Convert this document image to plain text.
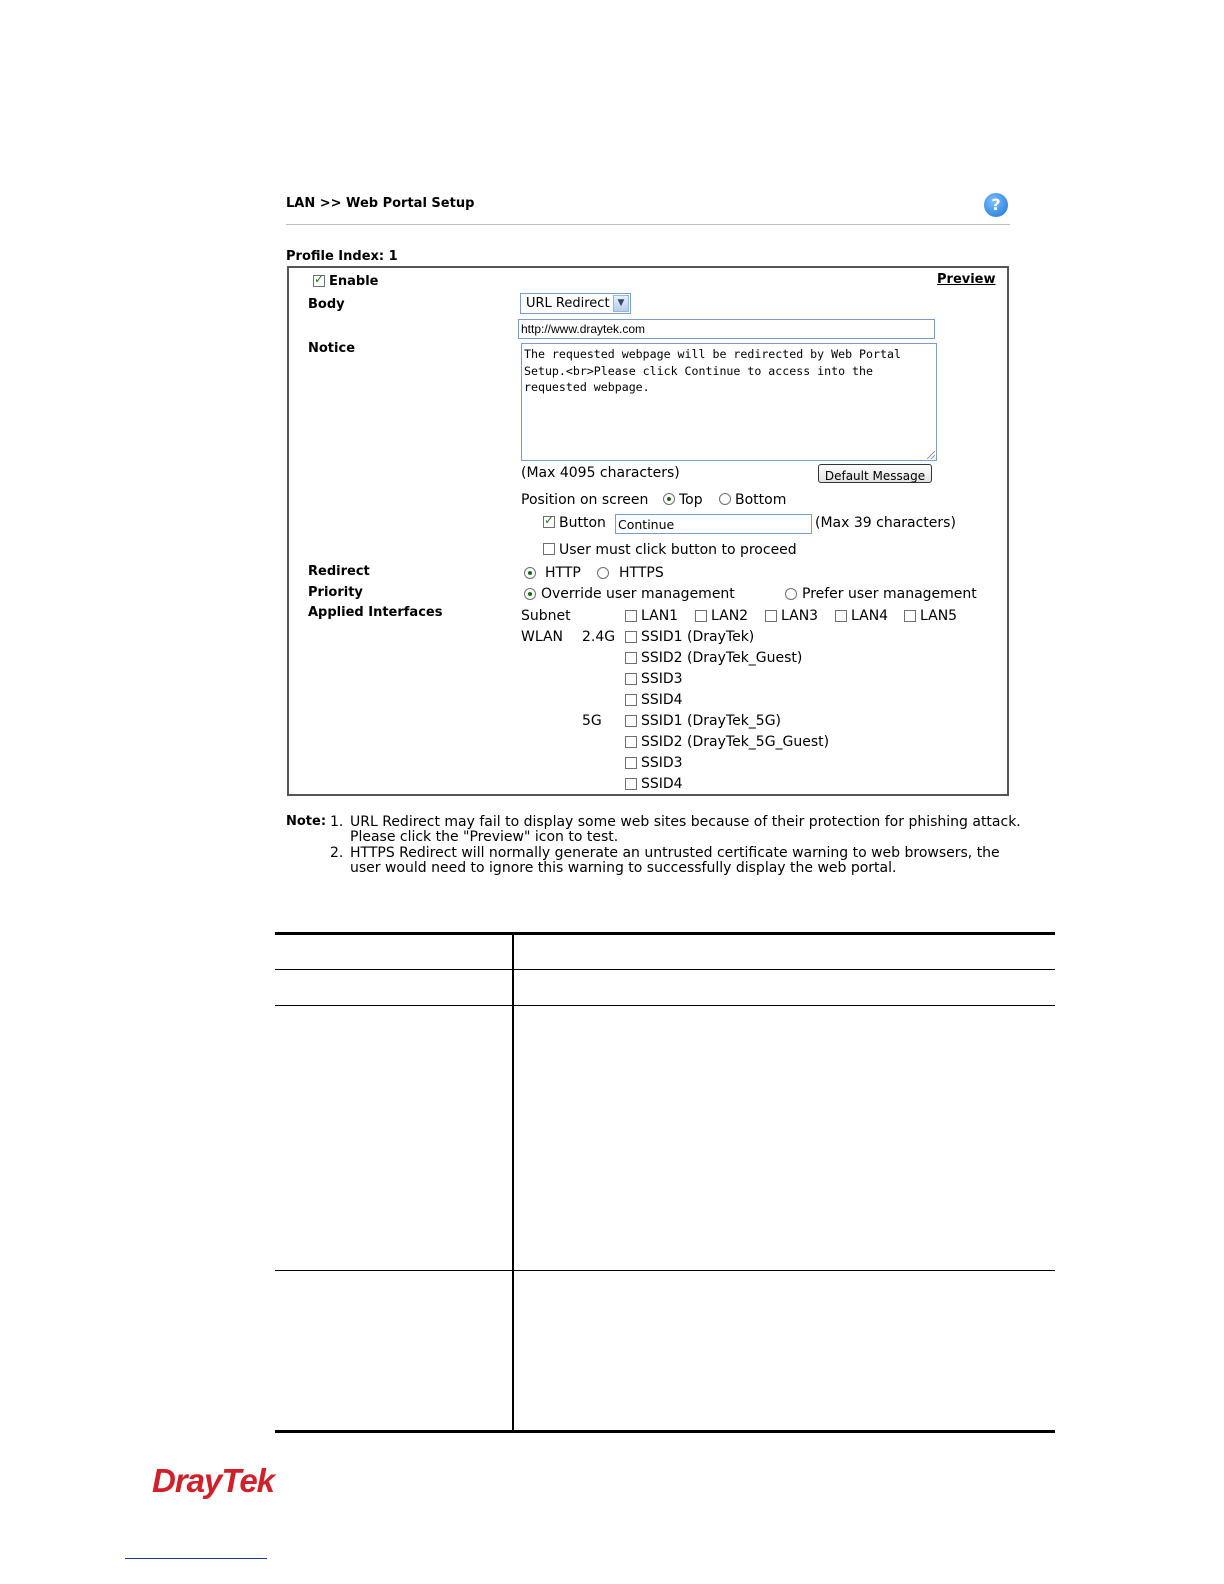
LAN >> Web Portal Setup	?
Profile Index: 1
✓
Enable	Preview
Body	URL Redirect ▼
http://www.draytek.com
Notice	The requested webpage will be redirected by Web Portal Setup.<br>Please click Continue to access into the requested webpage.
(Max 4095 characters)	Default Message
Position on screen Top Bottom
✓
Button Continue	(Max 39 characters)
User must click button to proceed
Redirect	HTTP	HTTPS
Priority	Override user management	Prefer user management
Applied Interfaces	Subnet	LAN1 LAN2 LAN3 LAN4 LAN5
WLAN 2.4G SSID1 (DrayTek)
SSID2 (DrayTek_Guest)
SSID3
SSID4
5G	SSID1 (DrayTek_5G)
SSID2 (DrayTek_5G_Guest)
SSID3
SSID4
Note: 1. URL Redirect may fail to display some web sites because of their protection for phishing attack.
Please click the "Preview" icon to test.
2. HTTPS Redirect will normally generate an untrusted certificate warning to web browsers, the
user would need to ignore this warning to successfully display the web portal.
DrayTek
